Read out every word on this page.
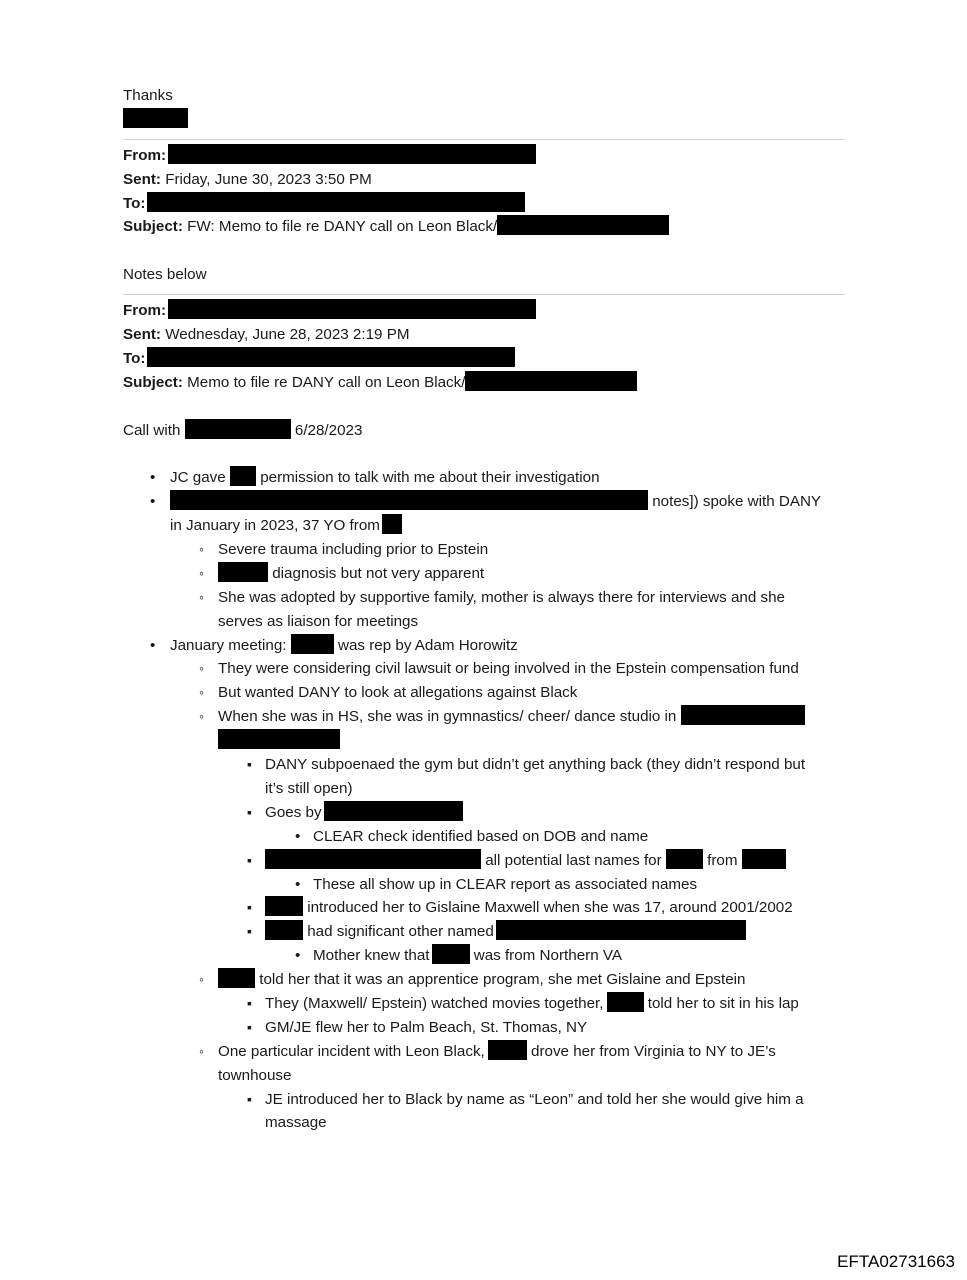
Thanks
From:
Sent: Friday, June 30, 2023 3:50 PM
To:
Subject: FW: Memo to file re DANY call on Leon Black/
Notes below
From:
Sent: Wednesday, June 28, 2023 2:19 PM
To:
Subject: Memo to file re DANY call on Leon Black/
Call with	6/28/2023
•
JC gave permission to talk with me about their investigation
•
notes]) spoke with DANY
in January in 2023, 37 YO from
◦
Severe trauma including prior to Epstein
◦
diagnosis but not very apparent
◦
She was adopted by supportive family, mother is always there for interviews and she
serves as liaison for meetings
•
January meeting:	was rep by Adam Horowitz
◦
They were considering civil lawsuit or being involved in the Epstein compensation fund
◦
But wanted DANY to look at allegations against Black
◦
When she was in HS, she was in gymnastics/ cheer/ dance studio in
▪
DANY subpoenaed the gym but didn’t get anything back (they didn’t respond but
it’s still open)
▪
Goes by
•
CLEAR check identified based on DOB and name
▪
all potential last names for	from
•
These all show up in CLEAR report as associated names
▪
introduced her to Gislaine Maxwell when she was 17, around 2001/2002
▪
had significant other named
•
Mother knew that	was from Northern VA
◦
told her that it was an apprentice program, she met Gislaine and Epstein
▪
They (Maxwell/ Epstein) watched movies together,	told her to sit in his lap
▪
GM/JE flew her to Palm Beach, St. Thomas, NY
◦
One particular incident with Leon Black,	drove her from Virginia to NY to JE’s
townhouse
▪
JE introduced her to Black by name as “Leon” and told her she would give him a
massage
EFTA02731663
